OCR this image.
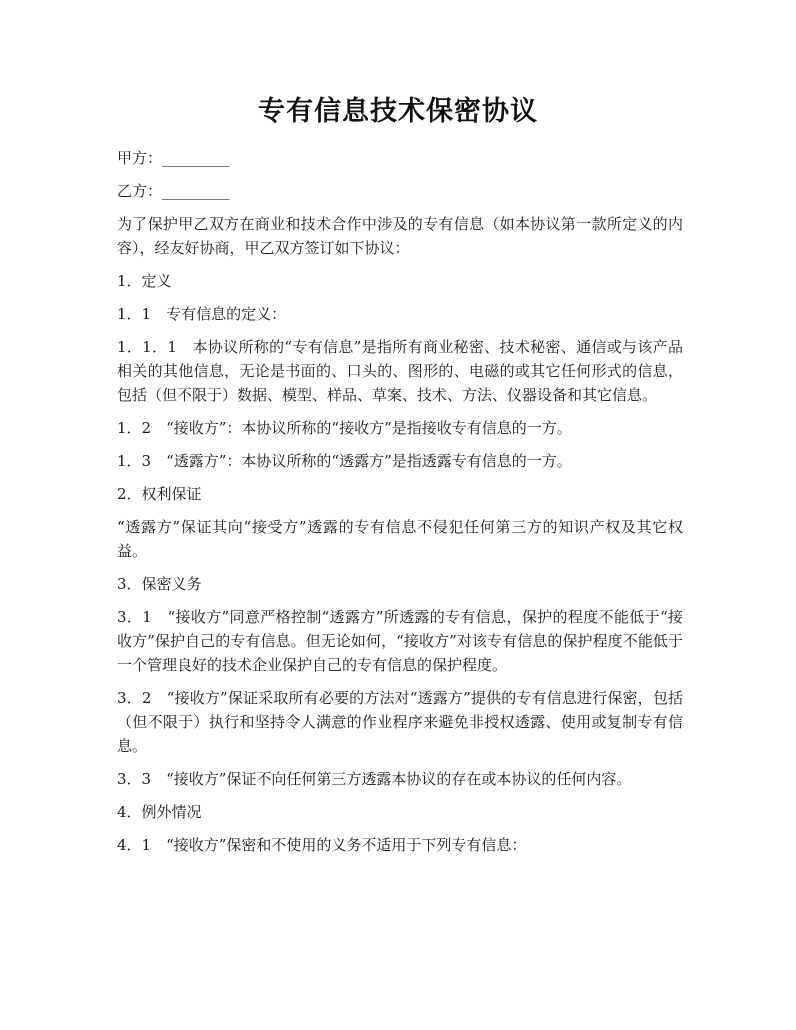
专有信息技术保密协议

甲方：_________

乙方：_________

为了保护甲乙双方在商业和技术合作中涉及的专有信息（如本协议第一款所定义的内容），经友好协商，甲乙双方签订如下协议：

1．定义

1．1　专有信息的定义：

1．1．1　本协议所称的“专有信息”是指所有商业秘密、技术秘密、通信或与该产品相关的其他信息，无论是书面的、口头的、图形的、电磁的或其它任何形式的信息，包括（但不限于）数据、模型、样品、草案、技术、方法、仪器设备和其它信息。

1．2　“接收方”：本协议所称的“接收方”是指接收专有信息的一方。

1．3　“透露方”：本协议所称的“透露方”是指透露专有信息的一方。

2．权利保证

“透露方”保证其向“接受方”透露的专有信息不侵犯任何第三方的知识产权及其它权益。

3．保密义务

3．1　“接收方”同意严格控制“透露方”所透露的专有信息，保护的程度不能低于“接收方”保护自己的专有信息。但无论如何，“接收方”对该专有信息的保护程度不能低于一个管理良好的技术企业保护自己的专有信息的保护程度。

3．2　“接收方”保证采取所有必要的方法对“透露方”提供的专有信息进行保密，包括（但不限于）执行和坚持令人满意的作业程序来避免非授权透露、使用或复制专有信息。

3．3　“接收方”保证不向任何第三方透露本协议的存在或本协议的任何内容。

4．例外情况

4．1　“接收方”保密和不使用的义务不适用于下列专有信息：
